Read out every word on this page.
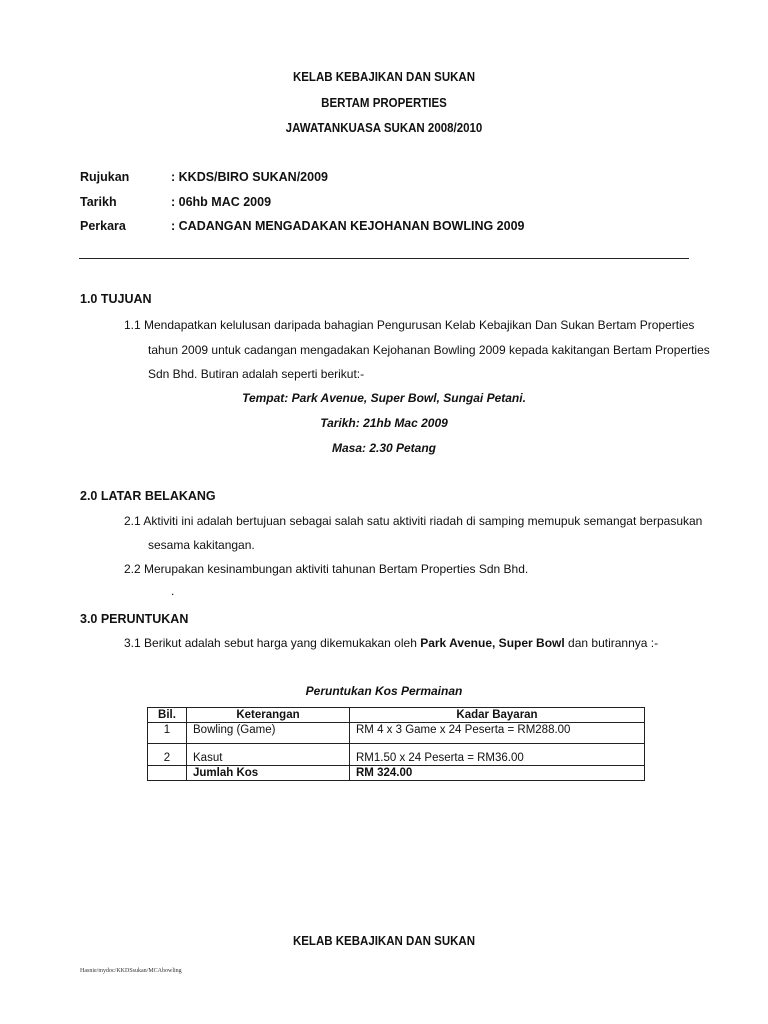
KELAB KEBAJIKAN DAN SUKAN
BERTAM PROPERTIES
JAWATANKUASA SUKAN 2008/2010
Rujukan	: KKDS/BIRO SUKAN/2009
Tarikh	: 06hb MAC 2009
Perkara	: CADANGAN MENGADAKAN KEJOHANAN BOWLING 2009
1.0 TUJUAN
1.1 Mendapatkan kelulusan daripada bahagian Pengurusan Kelab Kebajikan Dan Sukan Bertam Properties
tahun 2009 untuk cadangan mengadakan Kejohanan Bowling 2009 kepada kakitangan Bertam Properties
Sdn Bhd. Butiran adalah seperti berikut:-
Tempat: Park Avenue, Super Bowl, Sungai Petani.
Tarikh: 21hb Mac 2009
Masa: 2.30 Petang
2.0 LATAR BELAKANG
2.1 Aktiviti ini adalah bertujuan sebagai salah satu aktiviti riadah di samping memupuk semangat berpasukan
sesama kakitangan.
2.2 Merupakan kesinambungan aktiviti tahunan Bertam Properties Sdn Bhd.
.
3.0 PERUNTUKAN
3.1 Berikut adalah sebut harga yang dikemukakan oleh Park Avenue, Super Bowl dan butirannya :-
Peruntukan Kos Permainan
Bil.	Keterangan	Kadar Bayaran
1	Bowling (Game)	RM 4 x 3 Game x 24 Peserta = RM288.00
2	Kasut	RM1.50 x 24 Peserta = RM36.00
	Jumlah Kos	RM 324.00
KELAB KEBAJIKAN DAN SUKAN
Hasnie/mydoc/KKDSsukan/MCAbowling
